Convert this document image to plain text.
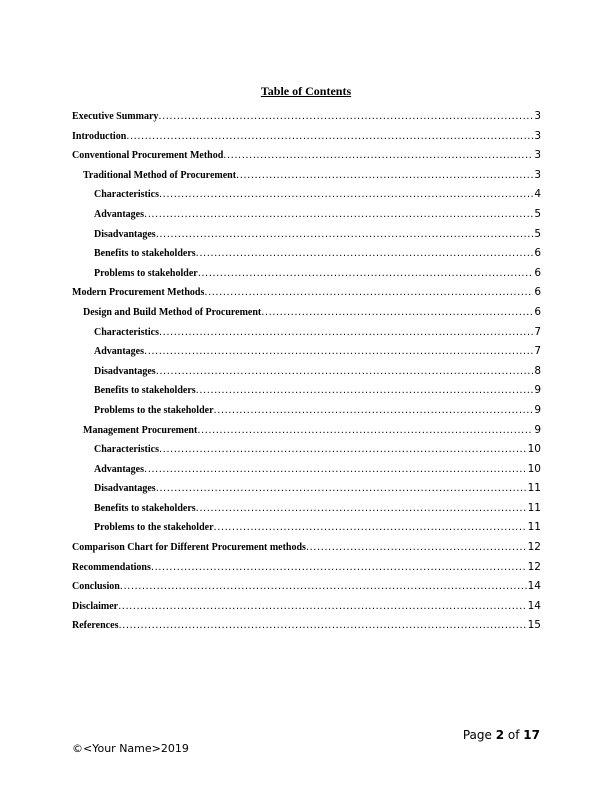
Table of Contents
Executive Summary .....	3
Introduction .....	3
Conventional Procurement Method .....	3
Traditional Method of Procurement .....	3
Characteristics .....	4
Advantages .....	5
Disadvantages .....	5
Benefits to stakeholders .....	6
Problems to stakeholder .....	6
Modern Procurement Methods .....	6
Design and Build Method of Procurement .....	6
Characteristics .....	7
Advantages .....	7
Disadvantages .....	8
Benefits to stakeholders .....	9
Problems to the stakeholder .....	9
Management Procurement .....	9
Characteristics .....	10
Advantages .....	10
Disadvantages .....	11
Benefits to stakeholders .....	11
Problems to the stakeholder .....	11
Comparison Chart for Different Procurement methods .....	12
Recommendations .....	12
Conclusion .....	14
Disclaimer .....	14
References .....	15
Page 2 of 17
©<Your Name>2019
